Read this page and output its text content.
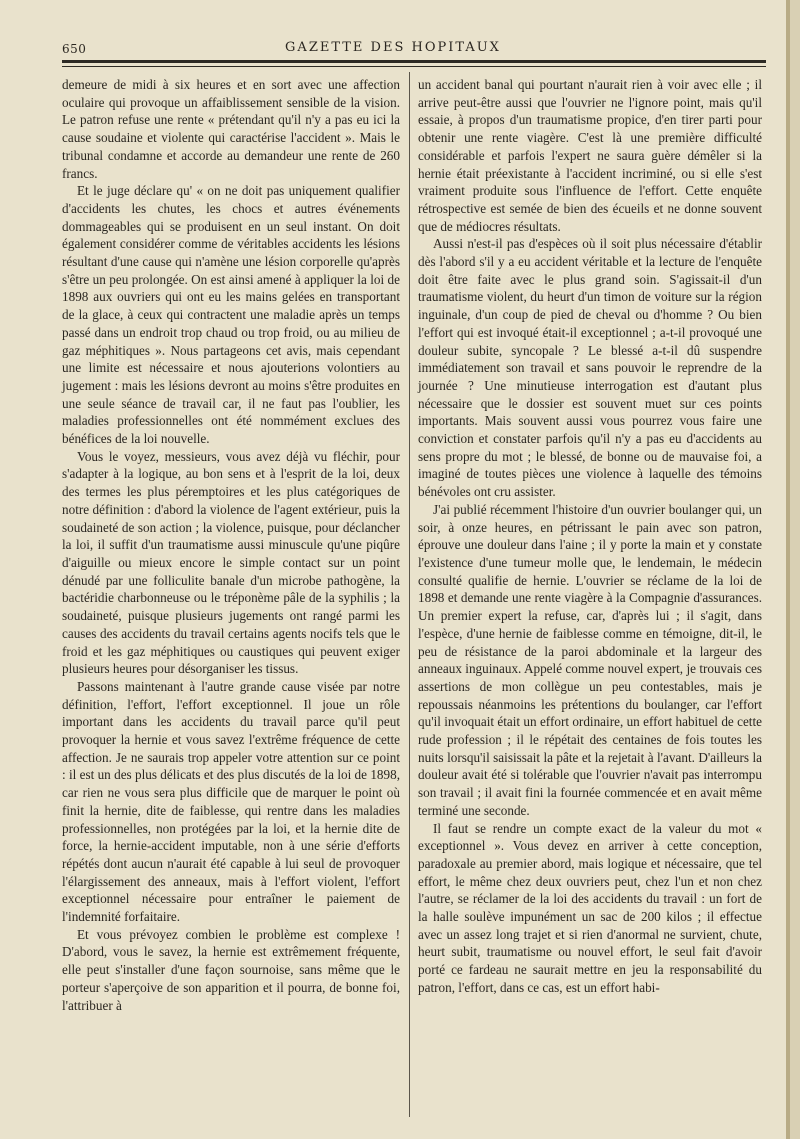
650	GAZETTE DES HOPITAUX

demeure de midi à six heures et en sort avec une affection oculaire qui provoque un affaiblissement sensible de la vision. Le patron refuse une rente « prétendant qu'il n'y a pas eu ici la cause soudaine et violente qui caractérise l'accident ». Mais le tribunal condamne et accorde au demandeur une rente de 260 francs.

Et le juge déclare qu' « on ne doit pas uniquement qualifier d'accidents les chutes, les chocs et autres événements dommageables qui se produisent en un seul instant. On doit également considérer comme de véritables accidents les lésions résultant d'une cause qui n'amène une lésion corporelle qu'après s'être un peu prolongée. On est ainsi amené à appliquer la loi de 1898 aux ouvriers qui ont eu les mains gelées en transportant de la glace, à ceux qui contractent une maladie après un temps passé dans un endroit trop chaud ou trop froid, ou au milieu de gaz méphitiques ». Nous partageons cet avis, mais cependant une limite est nécessaire et nous ajouterions volontiers au jugement : mais les lésions devront au moins s'être produites en une seule séance de travail car, il ne faut pas l'oublier, les maladies professionnelles ont été nommément exclues des bénéfices de la loi nouvelle.

Vous le voyez, messieurs, vous avez déjà vu fléchir, pour s'adapter à la logique, au bon sens et à l'esprit de la loi, deux des termes les plus péremptoires et les plus catégoriques de notre définition : d'abord la violence de l'agent extérieur, puis la soudaineté de son action ; la violence, puisque, pour déclancher la loi, il suffit d'un traumatisme aussi minuscule qu'une piqûre d'aiguille ou mieux encore le simple contact sur un point dénudé par une folliculite banale d'un microbe pathogène, la bactéridie charbonneuse ou le tréponème pâle de la syphilis ; la soudaineté, puisque plusieurs jugements ont rangé parmi les causes des accidents du travail certains agents nocifs tels que le froid et les gaz méphitiques ou caustiques qui peuvent exiger plusieurs heures pour désorganiser les tissus.

Passons maintenant à l'autre grande cause visée par notre définition, l'effort, l'effort exceptionnel. Il joue un rôle important dans les accidents du travail parce qu'il peut provoquer la hernie et vous savez l'extrême fréquence de cette affection. Je ne saurais trop appeler votre attention sur ce point : il est un des plus délicats et des plus discutés de la loi de 1898, car rien ne vous sera plus difficile que de marquer le point où finit la hernie, dite de faiblesse, qui rentre dans les maladies professionnelles, non protégées par la loi, et la hernie dite de force, la hernie-accident imputable, non à une série d'efforts répétés dont aucun n'aurait été capable à lui seul de provoquer l'élargissement des anneaux, mais à l'effort violent, l'effort exceptionnel nécessaire pour entraîner le paiement de l'indemnité forfaitaire.

Et vous prévoyez combien le problème est complexe ! D'abord, vous le savez, la hernie est extrêmement fréquente, elle peut s'installer d'une façon sournoise, sans même que le porteur s'aperçoive de son apparition et il pourra, de bonne foi, l'attribuer à

un accident banal qui pourtant n'aurait rien à voir avec elle ; il arrive peut-être aussi que l'ouvrier ne l'ignore point, mais qu'il essaie, à propos d'un traumatisme propice, d'en tirer parti pour obtenir une rente viagère. C'est là une première difficulté considérable et parfois l'expert ne saura guère démêler si la hernie était préexistante à l'accident incriminé, ou si elle s'est vraiment produite sous l'influence de l'effort. Cette enquête rétrospective est semée de bien des écueils et ne donne souvent que de médiocres résultats.

Aussi n'est-il pas d'espèces où il soit plus nécessaire d'établir dès l'abord s'il y a eu accident véritable et la lecture de l'enquête doit être faite avec le plus grand soin. S'agissait-il d'un traumatisme violent, du heurt d'un timon de voiture sur la région inguinale, d'un coup de pied de cheval ou d'homme ? Ou bien l'effort qui est invoqué était-il exceptionnel ; a-t-il provoqué une douleur subite, syncopale ? Le blessé a-t-il dû suspendre immédiatement son travail et sans pouvoir le reprendre de la journée ? Une minutieuse interrogation est d'autant plus nécessaire que le dossier est souvent muet sur ces points importants. Mais souvent aussi vous pourrez vous faire une conviction et constater parfois qu'il n'y a pas eu d'accidents au sens propre du mot ; le blessé, de bonne ou de mauvaise foi, a imaginé de toutes pièces une violence à laquelle des témoins bénévoles ont cru assister.

J'ai publié récemment l'histoire d'un ouvrier boulanger qui, un soir, à onze heures, en pétrissant le pain avec son patron, éprouve une douleur dans l'aine ; il y porte la main et y constate l'existence d'une tumeur molle que, le lendemain, le médecin consulté qualifie de hernie. L'ouvrier se réclame de la loi de 1898 et demande une rente viagère à la Compagnie d'assurances. Un premier expert la refuse, car, d'après lui ; il s'agit, dans l'espèce, d'une hernie de faiblesse comme en témoigne, dit-il, le peu de résistance de la paroi abdominale et la largeur des anneaux inguinaux. Appelé comme nouvel expert, je trouvais ces assertions de mon collègue un peu contestables, mais je repoussais néanmoins les prétentions du boulanger, car l'effort qu'il invoquait était un effort ordinaire, un effort habituel de cette rude profession ; il le répétait des centaines de fois toutes les nuits lorsqu'il saisissait la pâte et la rejetait à l'avant. D'ailleurs la douleur avait été si tolérable que l'ouvrier n'avait pas interrompu son travail ; il avait fini la fournée commencée et en avait même terminé une seconde.

Il faut se rendre un compte exact de la valeur du mot « exceptionnel ». Vous devez en arriver à cette conception, paradoxale au premier abord, mais logique et nécessaire, que tel effort, le même chez deux ouvriers peut, chez l'un et non chez l'autre, se réclamer de la loi des accidents du travail : un fort de la halle soulève impunément un sac de 200 kilos ; il effectue avec un assez long trajet et si rien d'anormal ne survient, chute, heurt subit, traumatisme ou nouvel effort, le seul fait d'avoir porté ce fardeau ne saurait mettre en jeu la responsabilité du patron, l'effort, dans ce cas, est un effort habi-
